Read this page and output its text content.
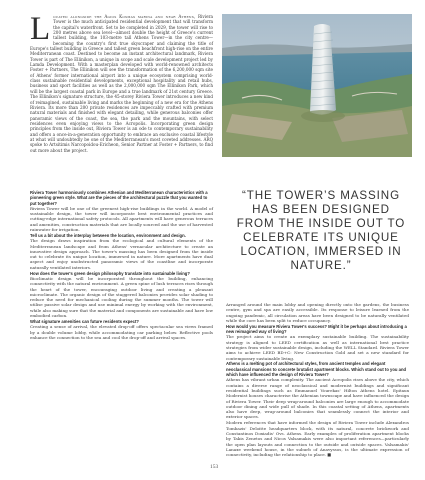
Located alongside the Agios Kosmas marina and near Athens, Riviera Tower is the much anticipated residential development that will transform the capital's waterfront. Set to be completed in 2029, the tower will rise to 200 metres above sea level—almost double the height of Greece's current tallest building, the 103-metre tall Athens Tower—in the city centre—becoming the country's first true skyscraper and claiming the title of Europe's tallest building in Greece and tallest green beachfront high-rise on the entire Mediterranean coast. Destined to become an instant architectural landmark, Riviera Tower is part of The Ellinikon, a unique in scope and scale development project led by Lamda Development. With a masterplan developed with world-renowned architects Foster + Partners, The Ellinikon will see the transformation of the 6,200,000 sqm site of Athens' former international airport into a unique ecosystem comprising world-class sustainable residential developments, exceptional hospitality and retail hubs, business and sport facilities as well as the 2,000,000 sqm The Ellinikon Park, which will be the largest coastal park in Europe and a true landmark of 21st century Greece. The Ellinikon's signature structure, the 45-storey Riviera Tower introduces a new kind of reimagined, sustainable living and marks the beginning of a new era for the Athens Riviera. Its more than 200 private residences are impeccably crafted with premium natural materials and finished with elegant detailing, while generous balconies offer panoramic views of the coast, the sea, the park and the mountains, with select residences even enjoying views to the Acropolis. Incorporating green design principles from the inside out, Riviera Tower is an ode to contemporary sustainability and offers a once-in-a-generation opportunity to embrace an exclusive coastal lifestyle at what will undoubtedly be one of the Mediterranean's most coveted addresses. ARQ spoke to Artsitimis Narcopoidou-Ericheon, Senior Partner at Foster + Partners, to find out more about the project.

Riviera Tower harmoniously combines Athenian and Mediterranean characteristics with a pioneering green style. What are the pieces of the architectural puzzle that you wanted to put together?

Riviera Tower will be one of the greenest high-rise buildings in the world. A model of sustainable design, the tower will incorporate best environmental practices and cutting-edge international safety protocols. All apartments will have generous terraces and amenities, construction materials that are locally sourced and the use of harvested rainwater for irrigation.

Tell us a bit about the interplay between the location, environment and design.

The design draws inspiration from the ecological and cultural elements of the Mediterranean landscape and from Athens' vernacular architecture to create an innovative design approach. The tower's massing has been designed from the inside out to celebrate its unique location, immersed in nature. More apartments have dual aspect and enjoy unobstructed panoramic views of the coastline and incorporate naturally ventilated interiors.

How does the tower's green design philosophy translate into sustainable living?

Bioclimatic design will be incorporated throughout the building, enhancing connectivity with the natural environment. A green spine of lush terraces rises through the heart of the tower, encouraging outdoor living and creating a pleasant microclimate. The organic design of the staggered balconies provides solar shading to reduce the need for mechanical cooling during the summer months. The tower will utilise passive solar design and use minimal energy by working with the environment, while also making sure that the material and components are sustainable and have low embodied carbon.

What signature amenities can future residents expect?

Creating a sense of arrival, the elevated drop-off offers spectacular sea views framed by a double volume lobby, while accommodating car parking below. Reflective pools enhance the connection to the sea and cool the drop-off and arrival spaces.

“THE TOWER’S MASSING HAS BEEN DESIGNED FROM THE INSIDE OUT TO CELEBRATE ITS UNIQUE LOCATION, IMMERSED IN NATURE.”

Arranged around the main lobby and opening directly onto the gardens, the business centre, gym and spa are easily accessible. Its response to leisure learned from the ongoing pandemic, all circulation areas have been designed to be naturally ventilated while the core has been split to reduce occupancy.

How would you measure Riviera Tower's success? Might it be perhaps about introducing a new reimagined way of living?

The project aims to create an exemplary sustainable building. The sustainability strategy is aligned to LEED certification as well as international best practice strategies from wider sustainable design, including the WELL Standard. Riviera Tower aims to achieve LEED BD+C: New Construction Gold and set a new standard for contemporary sustainable living.

Athens is a melting pot of architectural styles, from ancient temples and elegant neoclassical mansions to concrete brutalist apartment blocks. Which stand out to you and which have influenced the design of Riviera Tower?

Athens has vibrant urban complexity. The ancient Acropolis rises above the city, which contains a diverse range of neoclassical and modernist buildings and significant residential buildings such as Emmanuel Vourekas' Hilton Athens hotel. Epitaux Modernist houses characterise the Athenian townscape and have influenced the design of Riviera Tower. Their deep wrap-around balconies are large enough to accommodate outdoor dining and wide pull of shade. In this coastal setting of Athens, apartments also have deep, wrap-around balconies that seamlessly connect the interior and exterior spaces.

Modern references that have informed the design of Riviera Tower include Alexandros Tombazis' Deloitte headquarters block, with its natural, concrete brickwork and Constantinos Doxiadis' Ovs. Athens. Early examples of proliferation apartment blocks by Takis Zenetos and Nicos Valsamakis were also important references—particularly the open plan layouts and connection to the outside and outside spaces. Valsamakis' Lanaxe weekend house, in the suburb of Anavyssos, is the ultimate expression of connectivity, including the relationship to place. ■

153
